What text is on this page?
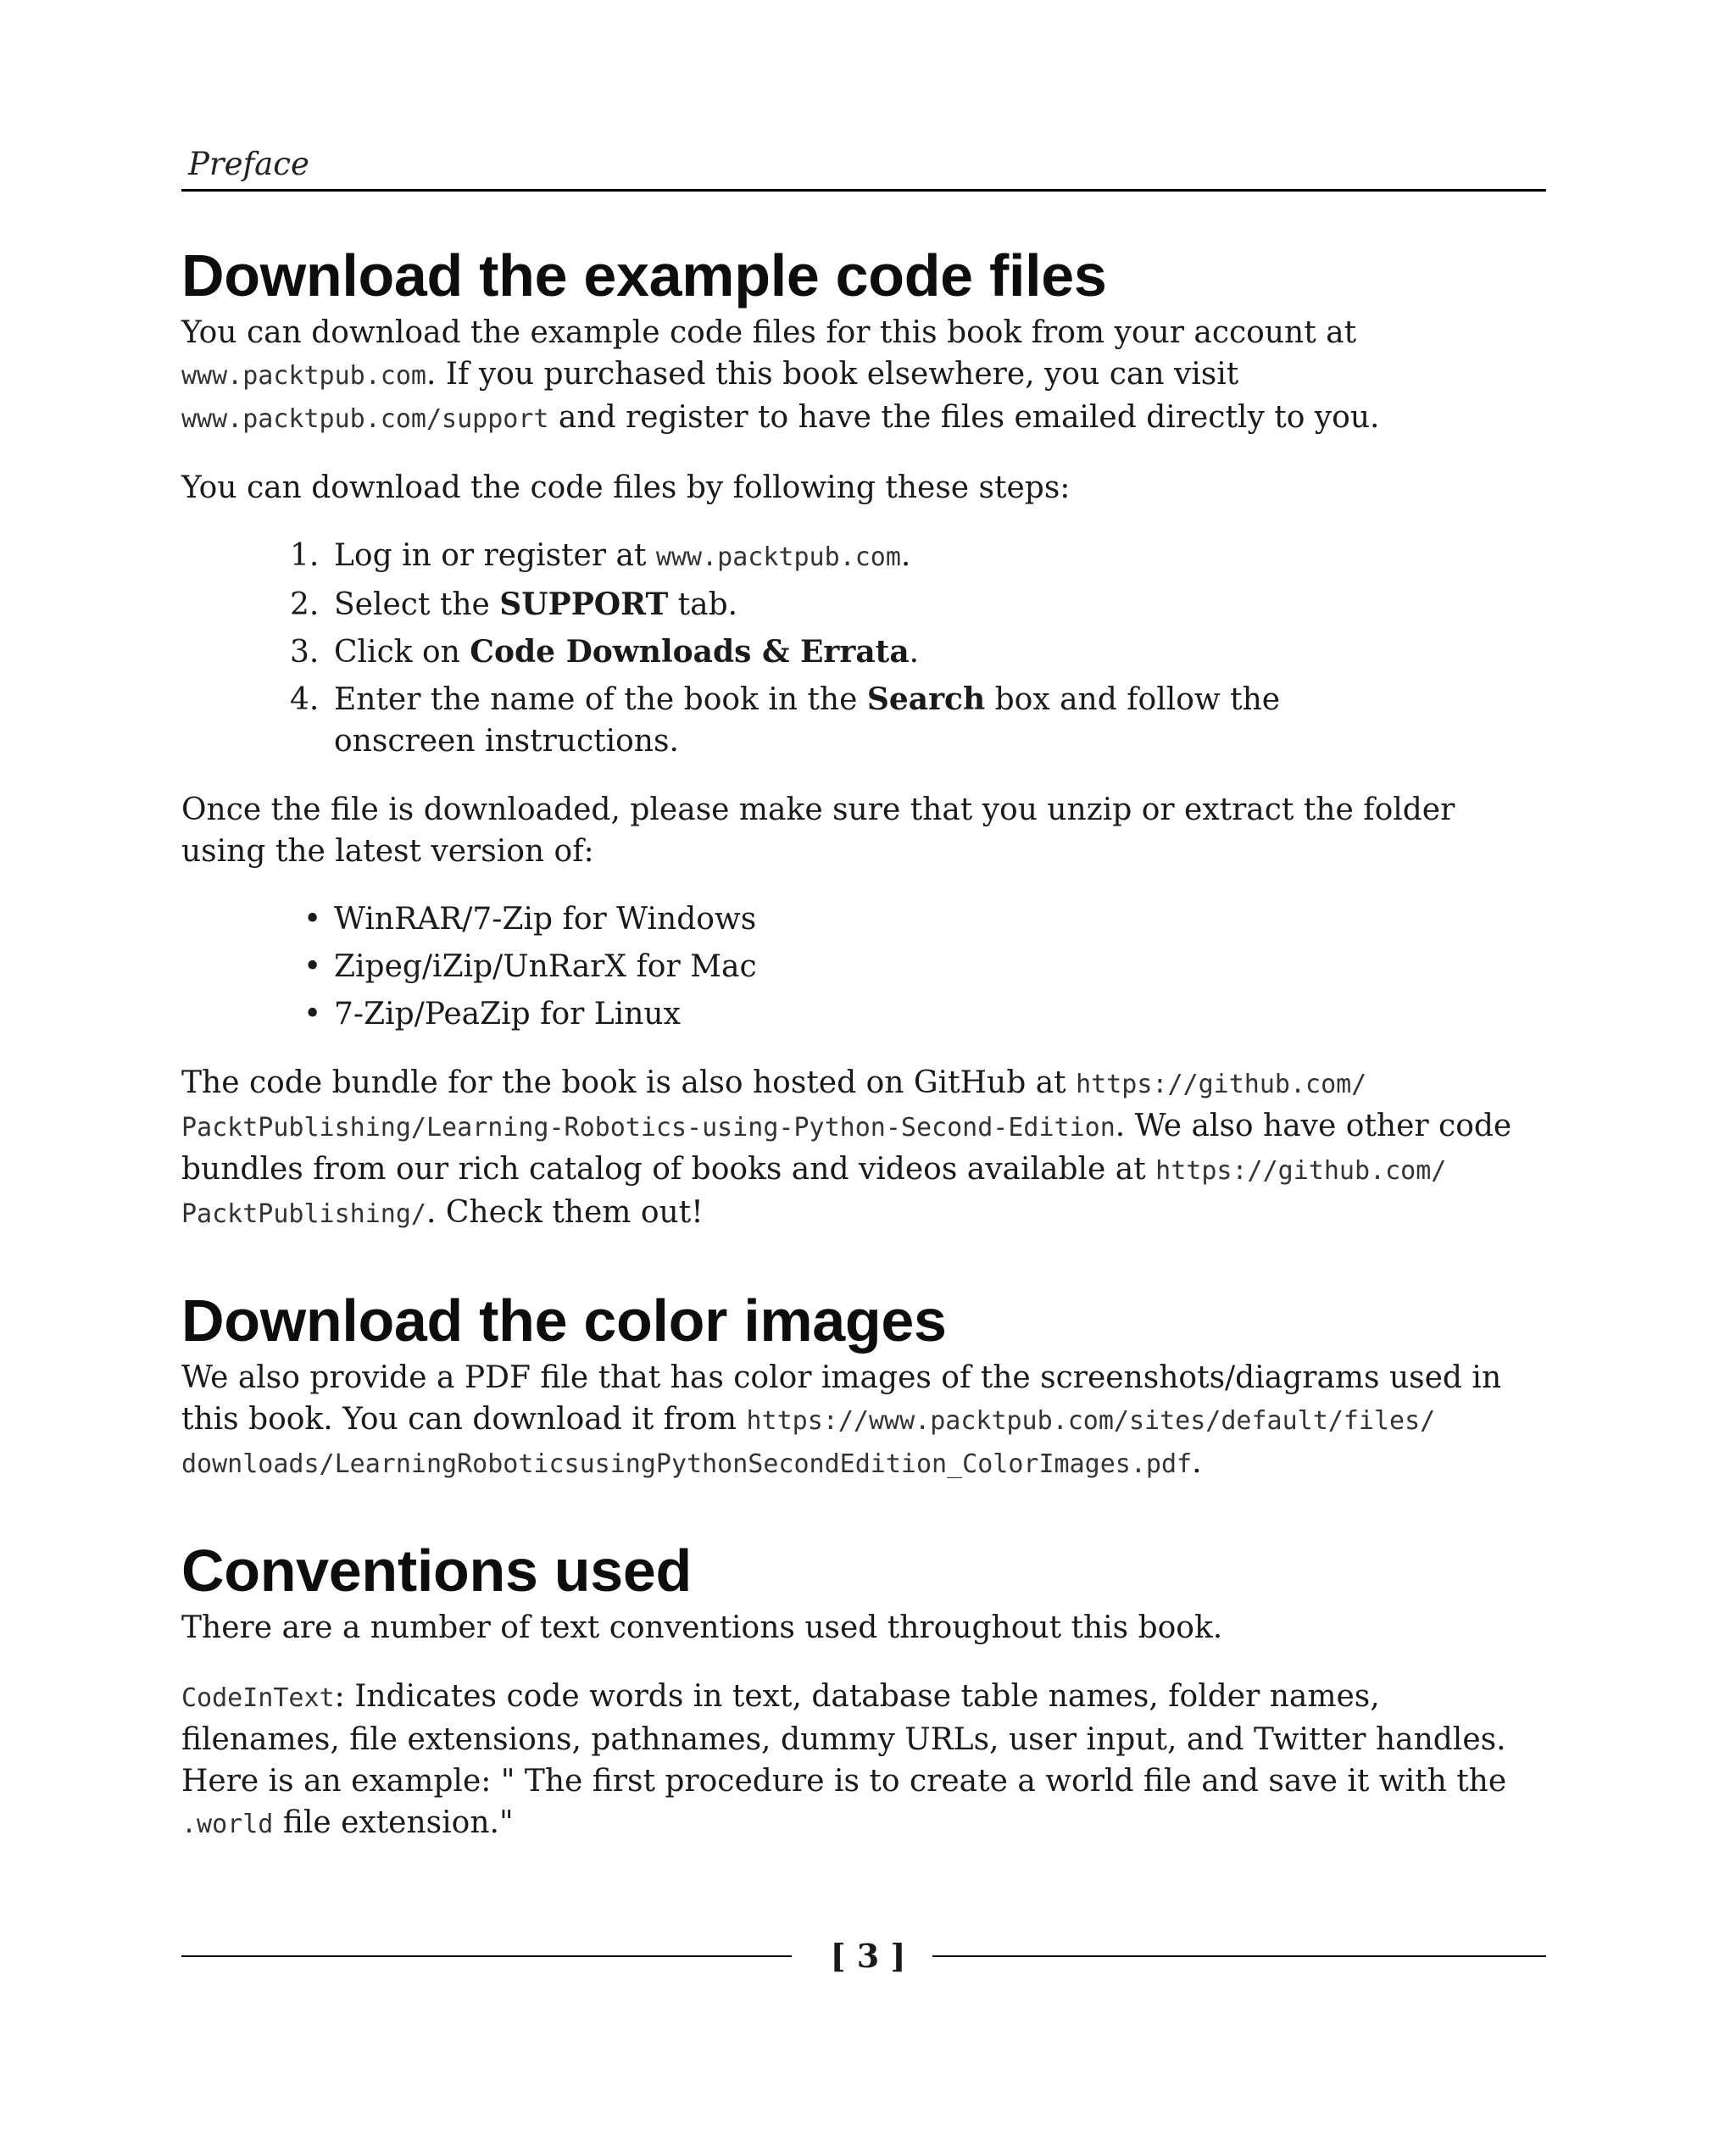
Preface
Download the example code files

You can download the example code files for this book from your account at
www.packtpub.com. If you purchased this book elsewhere, you can visit
www.packtpub.com/support and register to have the files emailed directly to you.

You can download the code files by following these steps:

1. Log in or register at www.packtpub.com.
2. Select the SUPPORT tab.
3. Click on Code Downloads & Errata.
4. Enter the name of the book in the Search box and follow the onscreen instructions.

Once the file is downloaded, please make sure that you unzip or extract the folder using the latest version of:

• WinRAR/7-Zip for Windows
• Zipeg/iZip/UnRarX for Mac
• 7-Zip/PeaZip for Linux

The code bundle for the book is also hosted on GitHub at https://github.com/
PacktPublishing/Learning-Robotics-using-Python-Second-Edition. We also have other code bundles from our rich catalog of books and videos available at https://github.com/
PacktPublishing/. Check them out!

Download the color images

We also provide a PDF file that has color images of the screenshots/diagrams used in this book. You can download it from https://www.packtpub.com/sites/default/files/
downloads/LearningRoboticsusingPythonSecondEdition_ColorImages.pdf.

Conventions used

There are a number of text conventions used throughout this book.

CodeInText: Indicates code words in text, database table names, folder names, filenames, file extensions, pathnames, dummy URLs, user input, and Twitter handles. Here is an example: " The first procedure is to create a world file and save it with the .world file extension."

[ 3 ]
